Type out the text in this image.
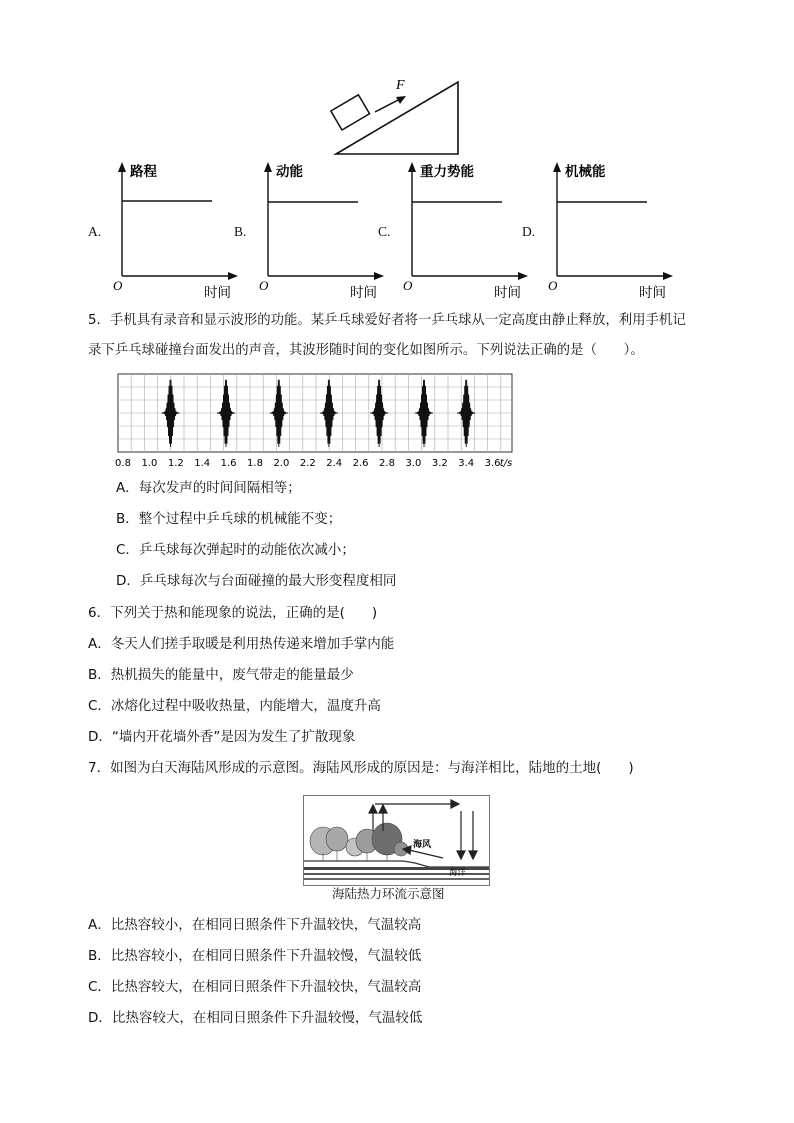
F
A.
路程
O	时间
B.
动能
O	时间
C.
重力势能
O	时间
D.
机械能
O	时间
5．手机具有录音和显示波形的功能。某乒乓球爱好者将一乒乓球从一定高度由静止释放，利用手机记
录下乒乓球碰撞台面发出的声音，其波形随时间的变化如图所示。下列说法正确的是（　　）。
0.8 1.0 1.2 1.4 1.6 1.8 2.0 2.2 2.4 2.6 2.8 3.0 3.2 3.4 3.6 t/s
A．每次发声的时间间隔相等；
B．整个过程中乒乓球的机械能不变；
C．乒乓球每次弹起时的动能依次减小；
D．乒乓球每次与台面碰撞的最大形变程度相同
6．下列关于热和能现象的说法，正确的是(　　)
A．冬天人们搓手取暖是利用热传递来增加手掌内能
B．热机损失的能量中，废气带走的能量最少
C．冰熔化过程中吸收热量，内能增大，温度升高
D．“墙内开花墙外香”是因为发生了扩散现象
7．如图为白天海陆风形成的示意图。海陆风形成的原因是：与海洋相比，陆地的土地(　　)
海风
海洋
海陆热力环流示意图
A．比热容较小，在相同日照条件下升温较快，气温较高
B．比热容较小，在相同日照条件下升温较慢，气温较低
C．比热容较大，在相同日照条件下升温较快，气温较高
D．比热容较大，在相同日照条件下升温较慢，气温较低
